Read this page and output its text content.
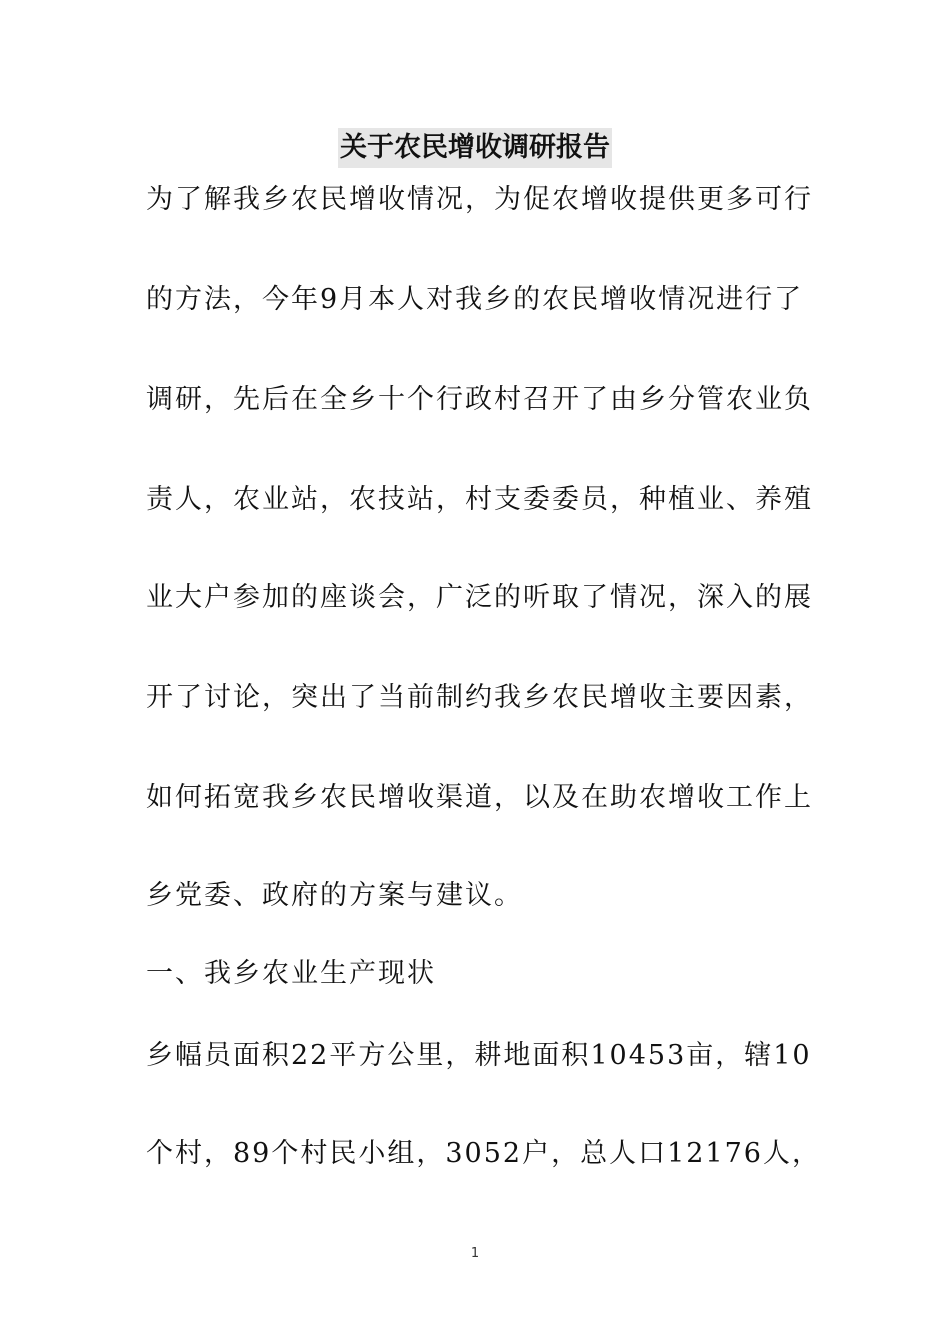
关于农民增收调研报告
为了解我乡农民增收情况，为促农增收提供更多可行
的方法，今年9月本人对我乡的农民增收情况进行了
调研，先后在全乡十个行政村召开了由乡分管农业负
责人，农业站，农技站，村支委委员，种植业、养殖
业大户参加的座谈会，广泛的听取了情况，深入的展
开了讨论，突出了当前制约我乡农民增收主要因素，
如何拓宽我乡农民增收渠道，以及在助农增收工作上
乡党委、政府的方案与建议。
一、我乡农业生产现状
乡幅员面积22平方公里，耕地面积10453亩，辖10
个村，89个村民小组，3052户，总人口12176人，
1
